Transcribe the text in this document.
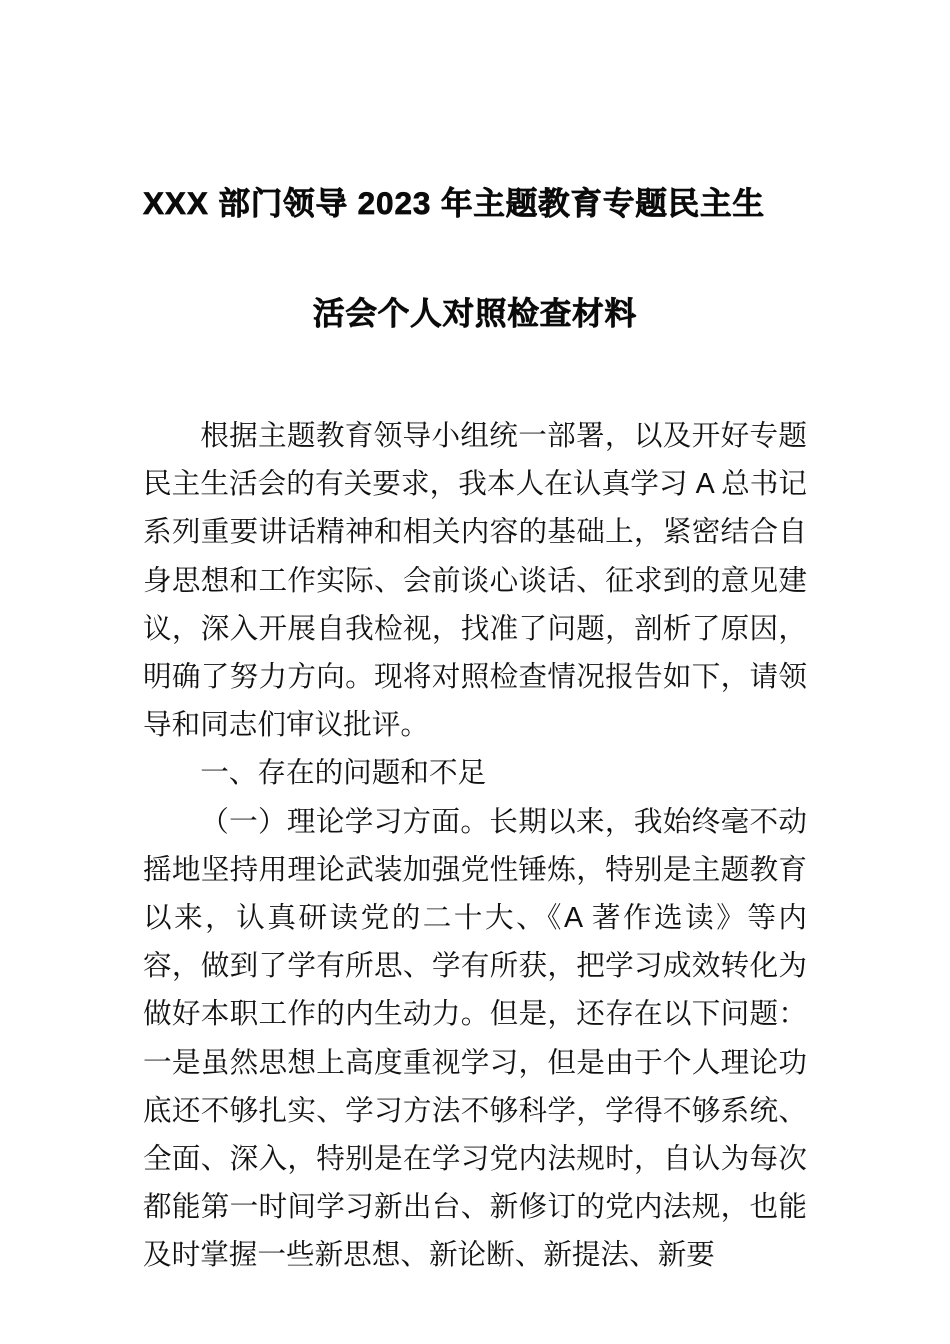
XXX 部门领导 2023 年主题教育专题民主生
活会个人对照检查材料

根据主题教育领导小组统一部署，以及开好专题民主生活会的有关要求，我本人在认真学习 A 总书记系列重要讲话精神和相关内容的基础上，紧密结合自身思想和工作实际、会前谈心谈话、征求到的意见建议，深入开展自我检视，找准了问题，剖析了原因，明确了努力方向。现将对照检查情况报告如下，请领导和同志们审议批评。

一、存在的问题和不足

（一）理论学习方面。长期以来，我始终毫不动摇地坚持用理论武装加强党性锤炼，特别是主题教育以来，认真研读党的二十大、《A 著作选读》等内容，做到了学有所思、学有所获，把学习成效转化为做好本职工作的内生动力。但是，还存在以下问题：一是虽然思想上高度重视学习，但是由于个人理论功底还不够扎实、学习方法不够科学，学得不够系统、全面、深入，特别是在学习党内法规时，自认为每次都能第一时间学习新出台、新修订的党内法规，也能及时掌握一些新思想、新论断、新提法、新要
